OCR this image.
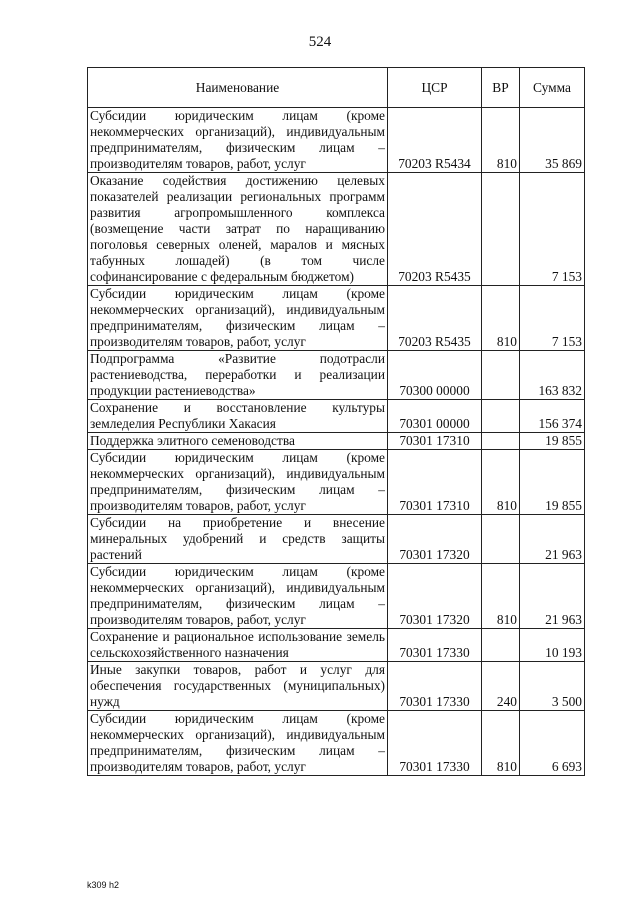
524
Наименование	ЦСР	ВР	Сумма
Субсидии юридическим лицам (кроме некоммерческих организаций), индивидуальным предпринимателям, физическим лицам – производителям товаров, работ, услуг	70203 R5434	810	35 869
Оказание содействия достижению целевых показателей реализации региональных программ развития агропромышленного комплекса (возмещение части затрат по наращиванию поголовья северных оленей, маралов и мясных табунных лошадей) (в том числе софинансирование с федеральным бюджетом)	70203 R5435		7 153
Субсидии юридическим лицам (кроме некоммерческих организаций), индивидуальным предпринимателям, физическим лицам – производителям товаров, работ, услуг	70203 R5435	810	7 153
Подпрограмма «Развитие подотрасли растениеводства, переработки и реализации продукции растениеводства»	70300 00000		163 832
Сохранение и восстановление культуры земледелия Республики Хакасия	70301 00000		156 374
Поддержка элитного семеноводства	70301 17310		19 855
Субсидии юридическим лицам (кроме некоммерческих организаций), индивидуальным предпринимателям, физическим лицам – производителям товаров, работ, услуг	70301 17310	810	19 855
Субсидии на приобретение и внесение минеральных удобрений и средств защиты растений	70301 17320		21 963
Субсидии юридическим лицам (кроме некоммерческих организаций), индивидуальным предпринимателям, физическим лицам – производителям товаров, работ, услуг	70301 17320	810	21 963
Сохранение и рациональное использование земель сельскохозяйственного назначения	70301 17330		10 193
Иные закупки товаров, работ и услуг для обеспечения государственных (муниципальных) нужд	70301 17330	240	3 500
Субсидии юридическим лицам (кроме некоммерческих организаций), индивидуальным предпринимателям, физическим лицам – производителям товаров, работ, услуг	70301 17330	810	6 693
k309 h2
